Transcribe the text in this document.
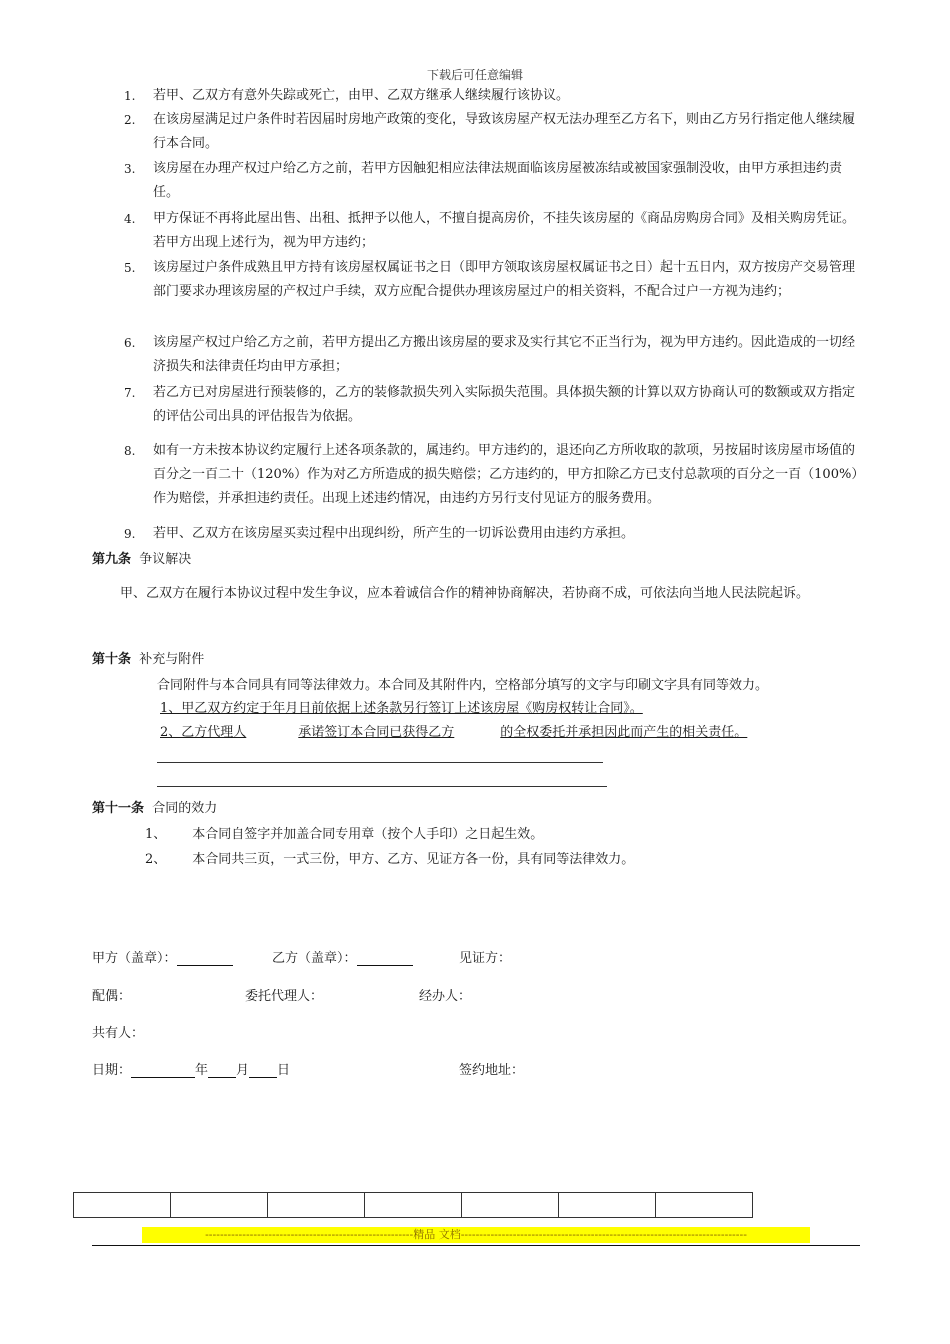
下载后可任意编辑
1.	若甲、乙双方有意外失踪或死亡，由甲、乙双方继承人继续履行该协议。
2.	在该房屋满足过户条件时若因届时房地产政策的变化，导致该房屋产权无法办理至乙方名下，则由乙方另行指定他人继续履行本合同。
3.	该房屋在办理产权过户给乙方之前，若甲方因触犯相应法律法规面临该房屋被冻结或被国家强制没收，由甲方承担违约责任。
4.	甲方保证不再将此屋出售、出租、抵押予以他人，不擅自提高房价，不挂失该房屋的《商品房购房合同》及相关购房凭证。若甲方出现上述行为，视为甲方违约；
5.	该房屋过户条件成熟且甲方持有该房屋权属证书之日（即甲方领取该房屋权属证书之日）起十五日内，双方按房产交易管理部门要求办理该房屋的产权过户手续，双方应配合提供办理该房屋过户的相关资料，不配合过户一方视为违约；
6.	该房屋产权过户给乙方之前，若甲方提出乙方搬出该房屋的要求及实行其它不正当行为，视为甲方违约。因此造成的一切经济损失和法律责任均由甲方承担；
7.	若乙方已对房屋进行预装修的，乙方的装修款损失列入实际损失范围。具体损失额的计算以双方协商认可的数额或双方指定的评估公司出具的评估报告为依据。
8.	如有一方未按本协议约定履行上述各项条款的，属违约。甲方违约的，退还向乙方所收取的款项，另按届时该房屋市场值的百分之一百二十（120%）作为对乙方所造成的损失赔偿；乙方违约的，甲方扣除乙方已支付总款项的百分之一百（100%）作为赔偿，并承担违约责任。出现上述违约情况，由违约方另行支付见证方的服务费用。
9.	若甲、乙双方在该房屋买卖过程中出现纠纷，所产生的一切诉讼费用由违约方承担。
第九条 争议解决
甲、乙双方在履行本协议过程中发生争议，应本着诚信合作的精神协商解决，若协商不成，可依法向当地人民法院起诉。
第十条 补充与附件
合同附件与本合同具有同等法律效力。本合同及其附件内，空格部分填写的文字与印刷文字具有同等效力。
1、甲乙双方约定于年月日前依据上述条款另行签订上述该房屋《购房权转让合同》。
2、乙方代理人	承诺签订本合同已获得乙方	的全权委托并承担因此而产生的相关责任。
第十一条 合同的效力
1、 本合同自签字并加盖合同专用章（按个人手印）之日起生效。
2、 本合同共三页，一式三份，甲方、乙方、见证方各一份，具有同等法律效力。
甲方（盖章）：	乙方（盖章）：	见证方：
配偶：	委托代理人：	经办人：
共有人：
日期：	年 月 日	签约地址：

--------------------------------------------------------精品 文档-----------------------------------------------------------------------------
